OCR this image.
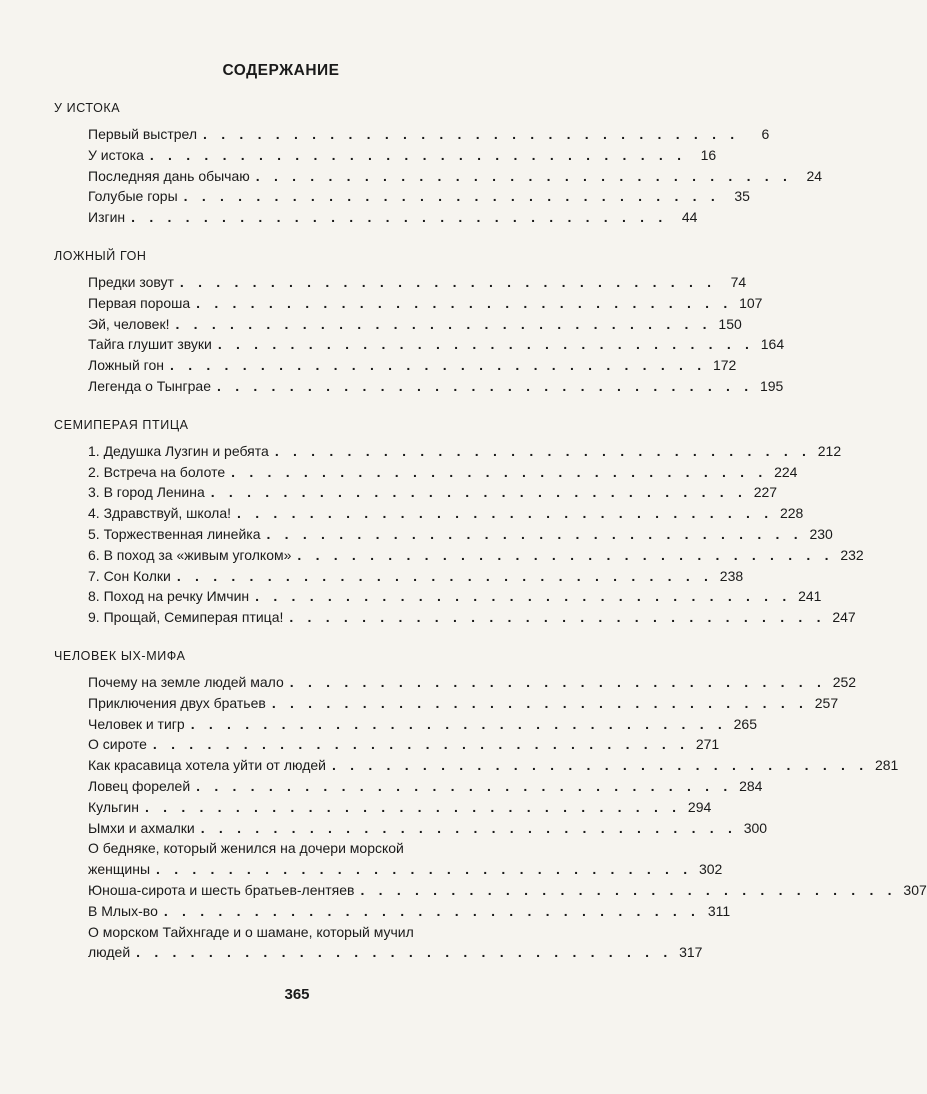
СОДЕРЖАНИЕ
У ИСТОКА
Первый выстрел . . . . . . . . . . . . . . . . . . . . . . . . . . . . . .	6
У истока . . . . . . . . . . . . . . . . . . . . . . . . . . . . . .	16
Последняя дань обычаю . . . . . . . . . . . . . . . . . . . . . . . . . . . . . .	24
Голубые горы . . . . . . . . . . . . . . . . . . . . . . . . . . . . . .	35
Изгин . . . . . . . . . . . . . . . . . . . . . . . . . . . . . .	44
ЛОЖНЫЙ ГОН
Предки зовут . . . . . . . . . . . . . . . . . . . . . . . . . . . . . .	74
Первая пороша . . . . . . . . . . . . . . . . . . . . . . . . . . . . . . 107
Эй, человек! . . . . . . . . . . . . . . . . . . . . . . . . . . . . . . 150
Тайга глушит звуки . . . . . . . . . . . . . . . . . . . . . . . . . . . . . . 164
Ложный гон . . . . . . . . . . . . . . . . . . . . . . . . . . . . . . 172
Легенда о Тынграе . . . . . . . . . . . . . . . . . . . . . . . . . . . . . . 195
СЕМИПЕРАЯ ПТИЦА
1. Дедушка Лузгин и ребята . . . . . . . . . . . . . . . . . . . . . . . . . . . . . . 212
2. Встреча на болоте . . . . . . . . . . . . . . . . . . . . . . . . . . . . . . 224
3. В город Ленина . . . . . . . . . . . . . . . . . . . . . . . . . . . . . . 227
4. Здравствуй, школа! . . . . . . . . . . . . . . . . . . . . . . . . . . . . . . 228
5. Торжественная линейка . . . . . . . . . . . . . . . . . . . . . . . . . . . . . . 230
6. В поход за «живым уголком» . . . . . . . . . . . . . . . . . . . . . . . . . . . . . . 232
7. Сон Колки . . . . . . . . . . . . . . . . . . . . . . . . . . . . . . 238
8. Поход на речку Имчин . . . . . . . . . . . . . . . . . . . . . . . . . . . . . . 241
9. Прощай, Семиперая птица! . . . . . . . . . . . . . . . . . . . . . . . . . . . . . . 247
ЧЕЛОВЕК ЫХ-МИФА
Почему на земле людей мало . . . . . . . . . . . . . . . . . . . . . . . . . . . . . . 252
Приключения двух братьев . . . . . . . . . . . . . . . . . . . . . . . . . . . . . . 257
Человек и тигр . . . . . . . . . . . . . . . . . . . . . . . . . . . . . . 265
О сироте . . . . . . . . . . . . . . . . . . . . . . . . . . . . . . 271
Как красавица хотела уйти от людей . . . . . . . . . . . . . . . . . . . . . . . . . . . . . . 281
Ловец форелей . . . . . . . . . . . . . . . . . . . . . . . . . . . . . . 284
Кульгин . . . . . . . . . . . . . . . . . . . . . . . . . . . . . . 294
Ымхи и ахмалки . . . . . . . . . . . . . . . . . . . . . . . . . . . . . . 300
О бедняке, который женился на дочери морской
женщины . . . . . . . . . . . . . . . . . . . . . . . . . . . . . . 302
Юноша-сирота и шесть братьев-лентяев . . . . . . . . . . . . . . . . . . . . . . . . . . . . . . 307
В Млых-во . . . . . . . . . . . . . . . . . . . . . . . . . . . . . . 311
О морском Тайхнгаде и о шамане, который мучил
людей . . . . . . . . . . . . . . . . . . . . . . . . . . . . . . 317
365
